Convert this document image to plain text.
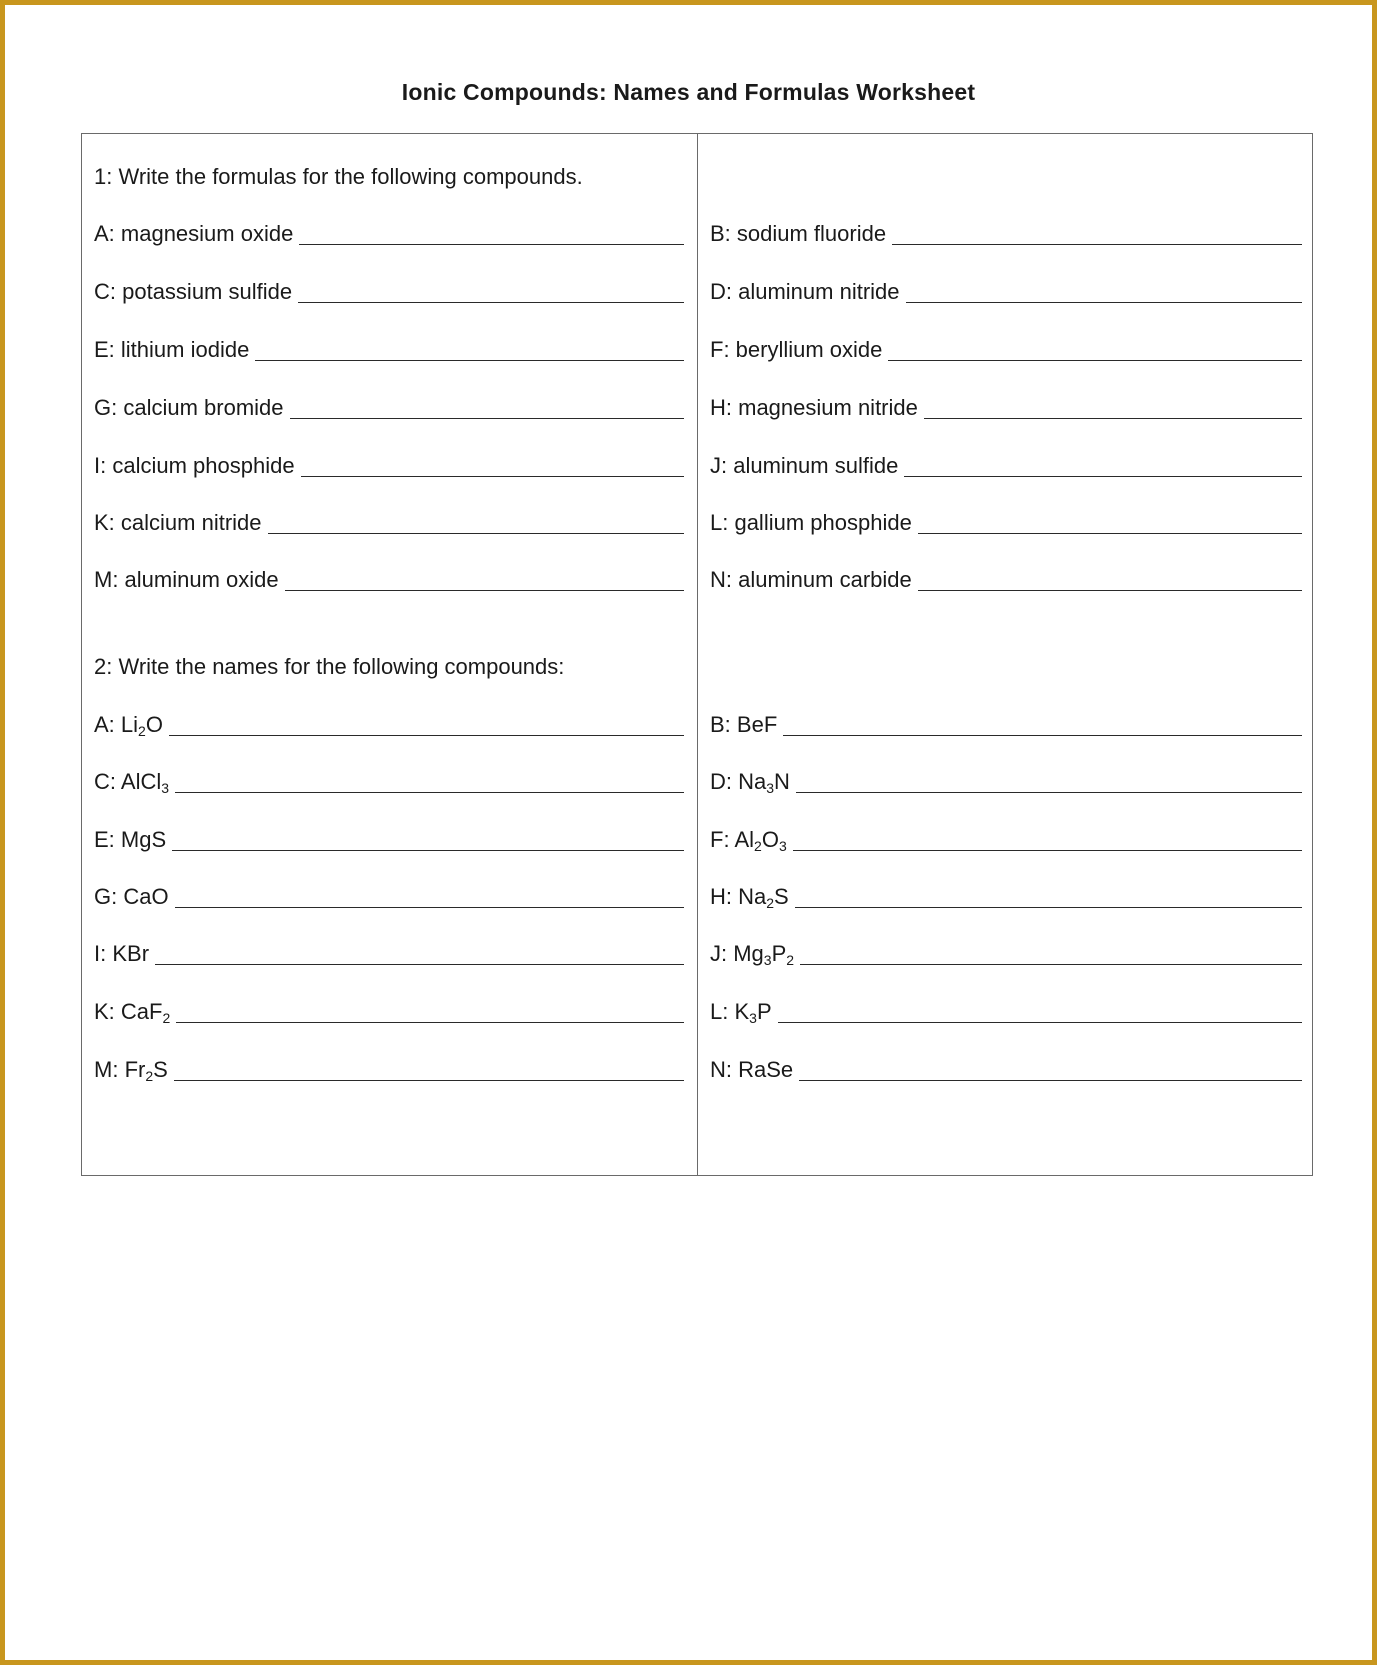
Ionic Compounds: Names and Formulas Worksheet
1: Write the formulas for the following compounds.
A: magnesium oxide
C: potassium sulfide
E: lithium iodide
G: calcium bromide
I: calcium phosphide
K: calcium nitride
M: aluminum oxide
2: Write the names for the following compounds:
A: $Li_2O$
C: AlCl$_3$
E: MgS
G: CaO
I: KBr
K: CaF$_2$
M: $Fr_2S$
B: sodium fluoride
D: aluminum nitride
F: beryllium oxide
H: magnesium nitride
J: aluminum sulfide
L: gallium phosphide
N: aluminum carbide
B: BeF
D: $Na_3N$
F: $Al_2O_3$
H: $Na_2S$
J: $Mg_3P_2$
L: $K_3P$
N: RaSe
